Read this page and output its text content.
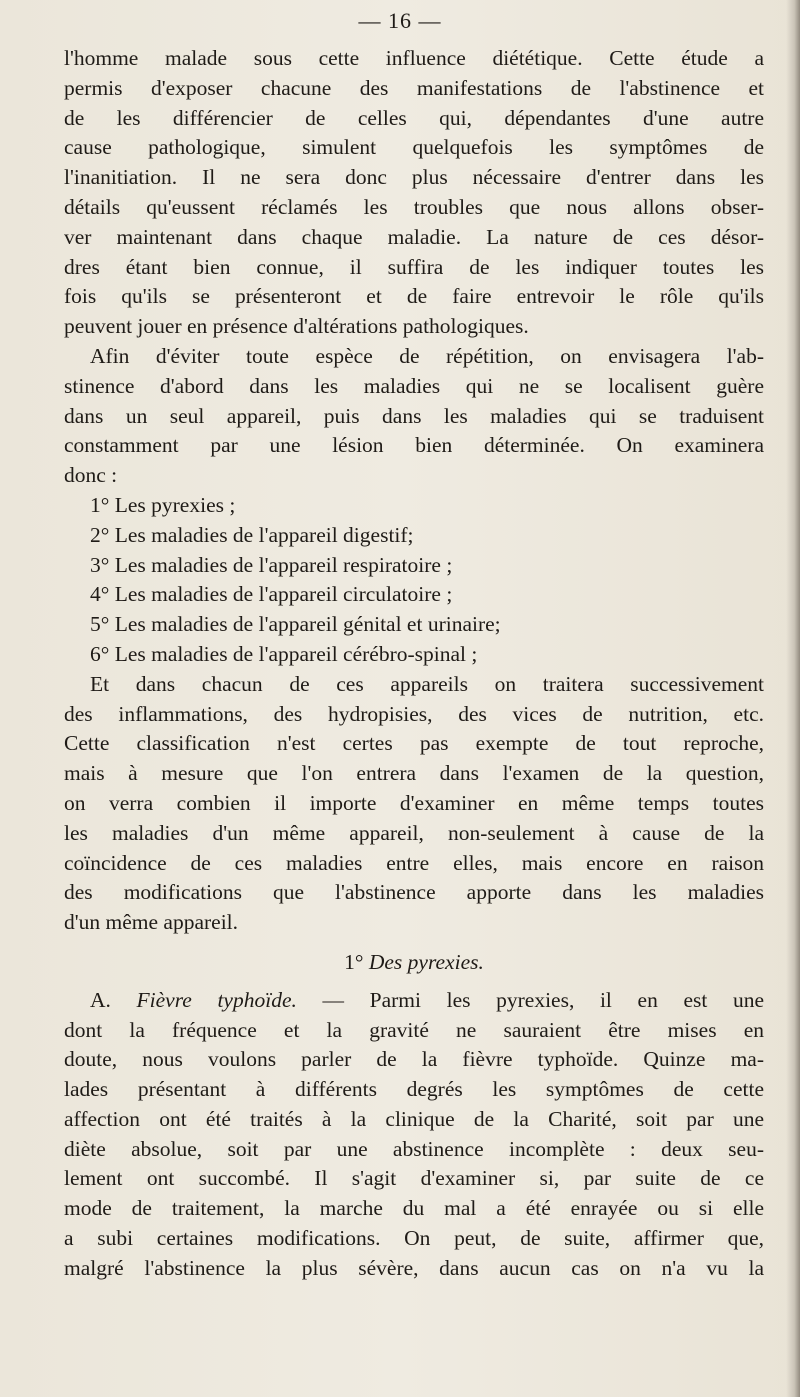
— 16 —
l'homme malade sous cette influence diététique. Cette étude a
permis d'exposer chacune des manifestations de l'abstinence et
de les différencier de celles qui, dépendantes d'une autre
cause pathologique, simulent quelquefois les symptômes de
l'inanitiation. Il ne sera donc plus nécessaire d'entrer dans les
détails qu'eussent réclamés les troubles que nous allons obser-
ver maintenant dans chaque maladie. La nature de ces désor-
dres étant bien connue, il suffira de les indiquer toutes les
fois qu'ils se présenteront et de faire entrevoir le rôle qu'ils
peuvent jouer en présence d'altérations pathologiques.
Afin d'éviter toute espèce de répétition, on envisagera l'ab-
stinence d'abord dans les maladies qui ne se localisent guère
dans un seul appareil, puis dans les maladies qui se traduisent
constamment par une lésion bien déterminée. On examinera
donc :
1° Les pyrexies ;
2° Les maladies de l'appareil digestif;
3° Les maladies de l'appareil respiratoire ;
4° Les maladies de l'appareil circulatoire ;
5° Les maladies de l'appareil génital et urinaire;
6° Les maladies de l'appareil cérébro-spinal ;
Et dans chacun de ces appareils on traitera successivement
des inflammations, des hydropisies, des vices de nutrition, etc.
Cette classification n'est certes pas exempte de tout reproche,
mais à mesure que l'on entrera dans l'examen de la question,
on verra combien il importe d'examiner en même temps toutes
les maladies d'un même appareil, non-seulement à cause de la
coïncidence de ces maladies entre elles, mais encore en raison
des modifications que l'abstinence apporte dans les maladies
d'un même appareil.
1° Des pyrexies.
A. Fièvre typhoïde. — Parmi les pyrexies, il en est une
dont la fréquence et la gravité ne sauraient être mises en
doute, nous voulons parler de la fièvre typhoïde. Quinze ma-
lades présentant à différents degrés les symptômes de cette
affection ont été traités à la clinique de la Charité, soit par une
diète absolue, soit par une abstinence incomplète : deux seu-
lement ont succombé. Il s'agit d'examiner si, par suite de ce
mode de traitement, la marche du mal a été enrayée ou si elle
a subi certaines modifications. On peut, de suite, affirmer que,
malgré l'abstinence la plus sévère, dans aucun cas on n'a vu la
